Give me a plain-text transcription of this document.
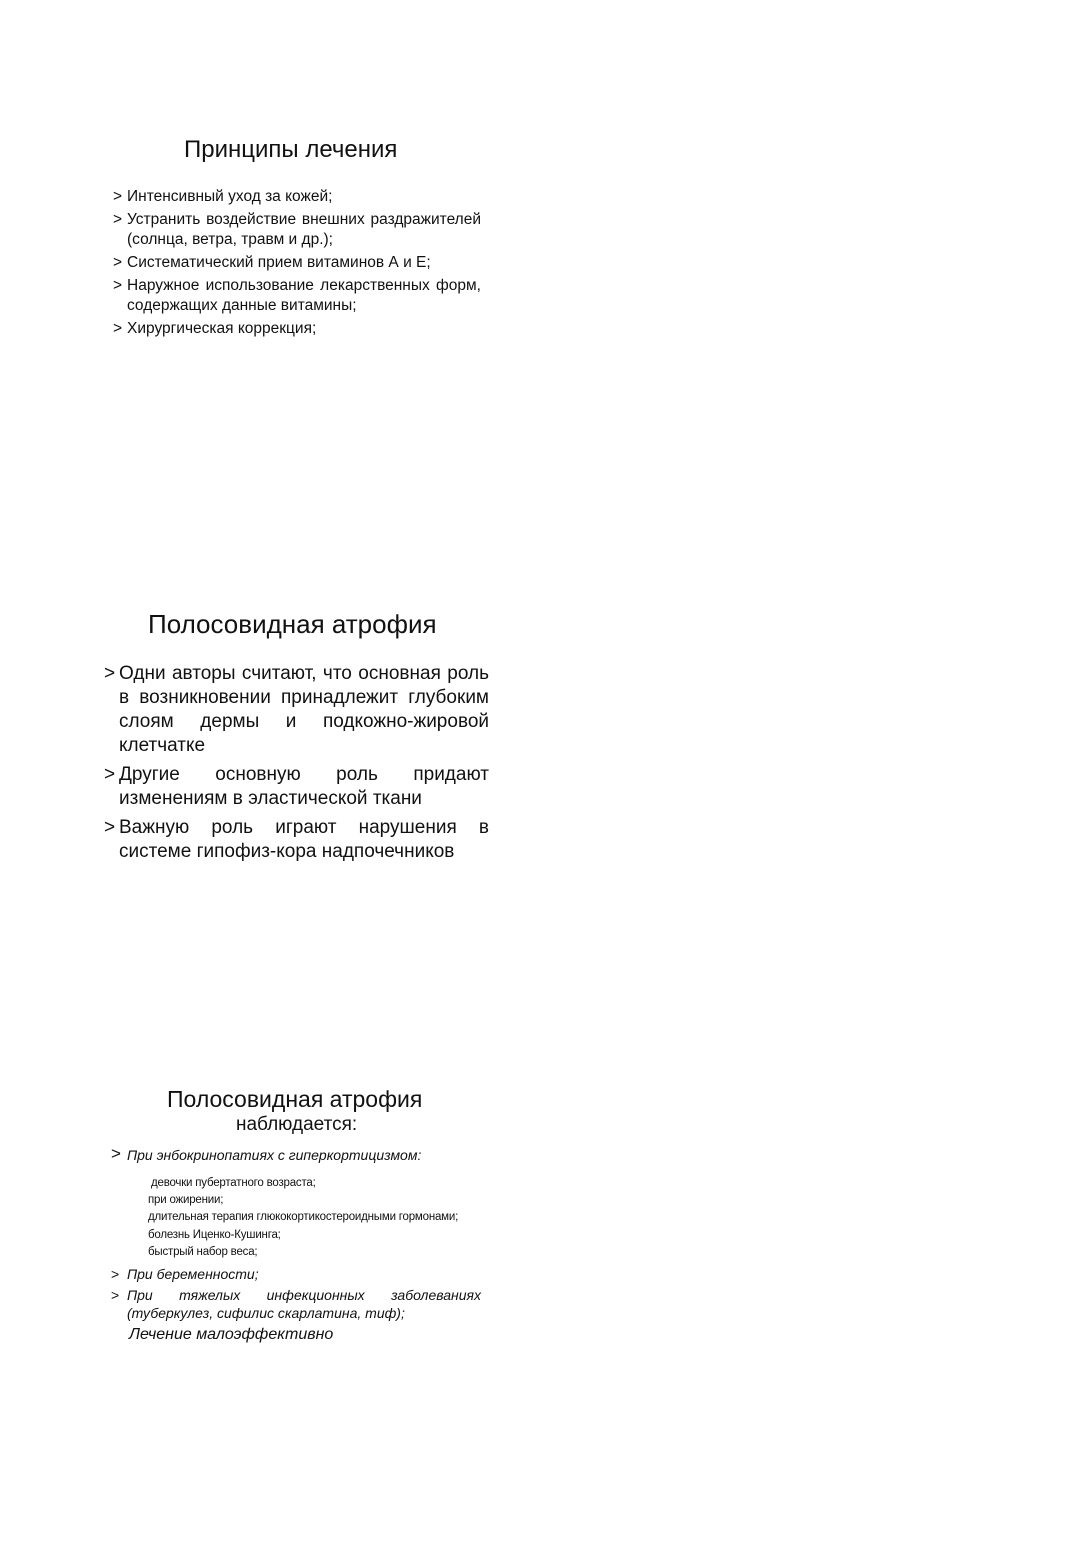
Принципы лечения
> Интенсивный уход за кожей;
> Устранить воздействие внешних раздражителей (солнца, ветра, травм и др.);
> Систематический прием витаминов А и Е;
> Наружное использование лекарственных форм, содержащих данные витамины;
> Хирургическая коррекция;
Полосовидная атрофия
> Одни авторы считают, что основная роль в возникновении принадлежит глубоким слоям дермы и подкожно-жировой клетчатке
> Другие основную роль придают изменениям в эластической ткани
> Важную роль играют нарушения в системе гипофиз-кора надпочечников
Полосовидная атрофия
наблюдается:
> При энбокринопатиях с гиперкортицизмом:
девочки пубертатного возраста;
при ожирении;
длительная терапия глюкокортикостероидными гормонами;
болезнь Иценко-Кушинга;
быстрый набор веса;
> При беременности;
> При тяжелых инфекционных заболеваниях (туберкулез, сифилис скарлатина, тиф);

Лечение малоэффективно
